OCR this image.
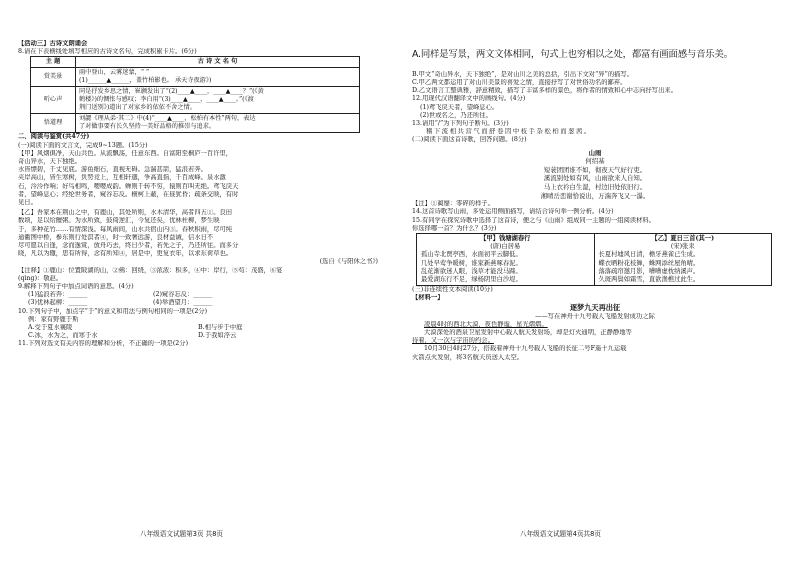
【活动三】古诗文朗诵会

8.请在下表横线处填写相应的古诗文名句，完成积累卡片。(6分)

主 题	古 诗 文 名 句
赏美景	雨中登山，云雾迷蒙，“ ”
(1)______▲______，盖竹柏影也。 承天寺夜游》)

听心声	同是抒发乡思之情，崔颢发出了“(2)____▲____，____▲____？”(《黄
鹤楼》)的惆怅与感叹；李白用“(3)____▲____，____▲____。”(《渡
荆门送别》)道出了对家乡的依依不舍之情。

悟道理	刘勰《理从弟·其二》中(4)“____▲____，松柏有本性”两句，表达
了对做事要有长久坚持一美好品格的推崇与追求。

二、阅读与鉴赏(共47分)

(一)阅读下面的文言文，完成9~13题。(15分)

【甲】风烟俱净，天山共色。从流飘荡，任意东西。自富阳至桐庐一百许里，

奇山异水，天下独绝。

水皆缥碧，千丈见底。游鱼细石，直视无碍。急湍甚箭，猛浪若奔。

夹岸高山，皆生寒树，负势竞上，互相轩邈，争高直指，千百成峰。泉水激

石，泠泠作响；好鸟相鸣，嘤嘤成韵。蝉则千转不穷，猿则百叫无绝。鸢飞戾天

者，望峰息心；经纶世务者，窥谷忘反。横柯上蔽，在昼犹昏；疏条交映，有时

见日。

【乙】吾家本在荆山之中，有鹿山，其处所则，水木清华，高者四五①。良田

数顷，足以给饘粥。为水所致，鼓倚逆汇，今复还矣，优林杜柳，梦生映

于，多种花竹……有情深浅。每风雨间，山水共宿山内③。春秋积雨，尽可纯

通衢图中桥，参东则行处溟者④，时一致奢远游，良材益诫，信水日不

尽可愿以自逢，念而逸赏，放舟巧去，终日少者，若先之子，乃还所往。而多分

晓，凡以为辙，思有所得，念有所知④，居是中，更复衣年，以求东荷草也。

(选自《与阳休之书》)

【注释】①鹿山：位置陂湖的山，②佛：回绕，③浓浓：积多，④中：岸行，⑤苟：茂盛，⑥宴

(qìng)：敬赵。

9.解释下列句子中加点词语的意思。(4分)

(1)猛浪若奔：______	(2)窥谷忘反：______

(3)优林起柳：______	(4)举酒望月：______

10.下列句子中，加点字“于”的意义和用法与例句相同的一项是(2分)

例：家有野鹿于斯

A.受于夏水襄陵	B.相与步于中庭

C.冰，水为之，而寒于水	D.于我如浮云

11.下列对选文有关内容的理解和分析，不正确的一项是(2分)

A.同样是写景，两文文体相同，句式上也穷相以之处，都富有画面感与音乐美。

B.甲文“奇山异水，天下独绝”，是对山川之美的总括，引出下文对“异”的描写。

C.甲乙两文都运用了对山川美景的喜爱之情，直接抒写了对世俗功名的鄙弃。

D.乙文语言工整典雅，辞意精致，描写了丰富多样的景色，将作者的情致和心中志向抒写出来。

12.用现代汉语翻译文中的画线句。(4分)

(1)鸢飞戾天者，望峰息心。

(2)世或名之，乃还所往。

13.请用“/”为下列句子断句。(3分)

稽下流相共营气而舒卷因中枝手杂松柏而葱茜。

(二)阅读下面这首诗歌，回答问题。(8分)

山雨

何绍基

短蓑团团谁不如，彻夜天气好行吏。

溪流别处如有风，山雨欲来人自知。

马上衣衿白生湿，村边旧处依旧行。

湘晴岳峦谢恰说出，万湍奔飞又一瀑。

【注】①蔺靡：零碎的样子。

14.这首诗歌写山雨，多处运用侧面描写，请结合诗句举一例分析。(4分)

15.有同学在探究诗歌中选择了这首诗，便之与《山雨》组成同一主题的一组阅读材料。

你选择哪一首？为什么？(3分)

【甲】钱塘湖春行
(唐)白居易
孤山寺北贾亭西，水面初平云脚低。
几处早莺争暖树，谁家新燕啄春泥。
乱花渐欲迷人眼，浅草才能没马蹄。
最爱湖东行不足，绿杨阴里白沙堤。

【乙】夏日三首(其一)
(宋)张耒
长夏村墟风日清，檐牙燕雀已生成。
蝶衣晒粉花枝舞，蛛网添丝屋角晴。
落落疏帘邀月影，嘈嘈虚枕纳溪声。
久斑两鬓如霜雪，直欲渔樵过此生。

(三)非连续性文本阅读(10分)

【材料一】

逐梦九天再出征

——写在神舟十九号载人飞船发射成功之际

凌晨4时的西北大漠，夜色静谧，星光熠熠。

大漠深处的酒泉卫星发射中心载人航天发射场，却是灯火通明，正静静地等

待着，又一次与宇宙的约会。

10月30日4时27分，搭载着神舟十九号载人飞船的长征二号F遥十九运载

火箭点火发射，将3名航天员送入太空。

八年级语文试题第3页 共8页	八年级语文试题第4页共8页
